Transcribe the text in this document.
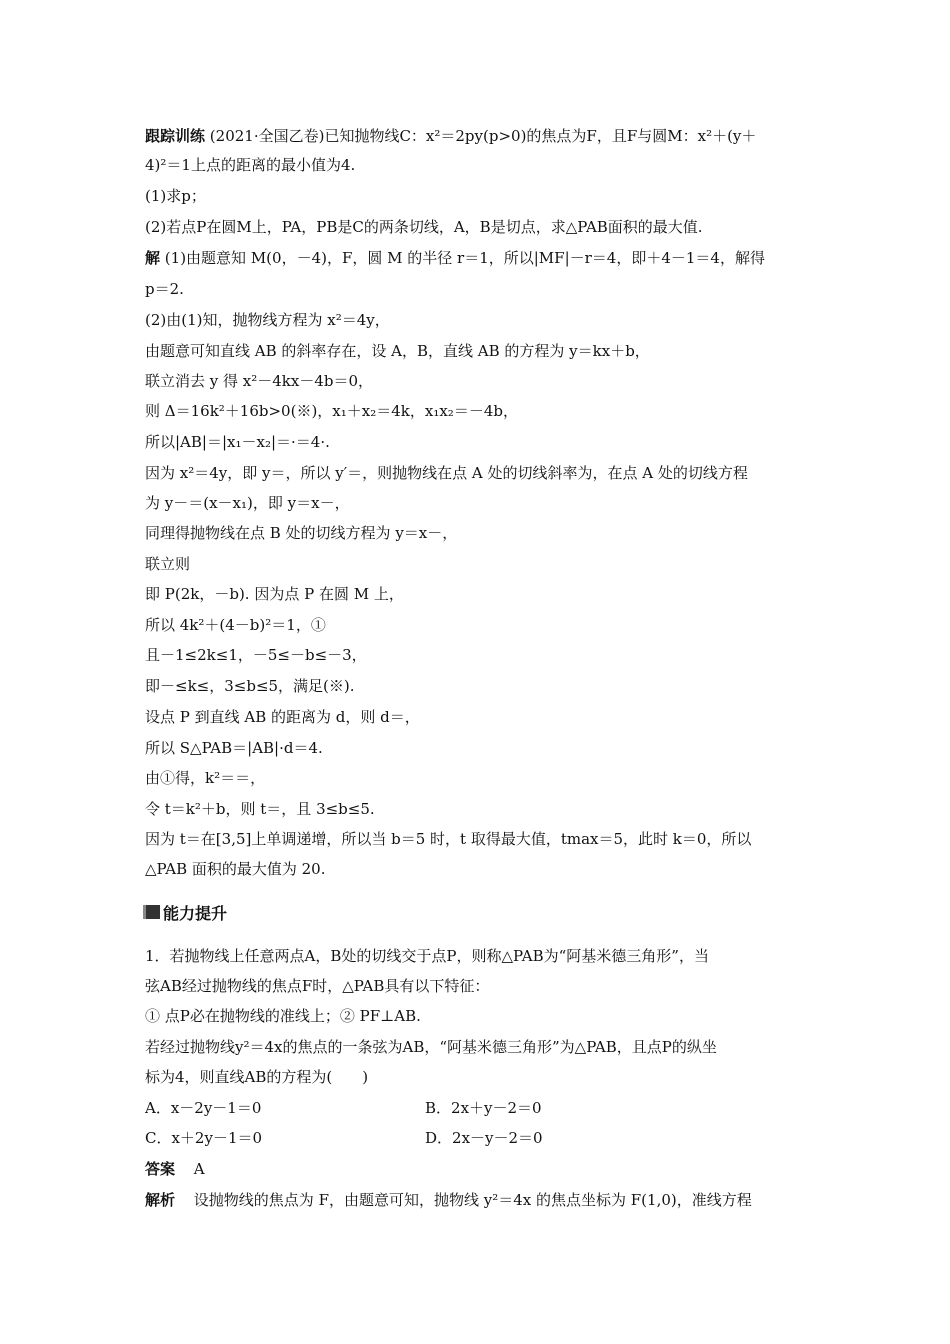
跟踪训练 (2021·全国乙卷)已知抛物线C：x²＝2py(p>0)的焦点为F，且F与圆M：x²＋(y＋
4)²＝1上点的距离的最小值为4.
(1)求p；
(2)若点P在圆M上，PA，PB是C的两条切线，A，B是切点，求△PAB面积的最大值.
解 (1)由题意知 M(0，－4)，F，圆 M 的半径 r＝1，所以|MF|－r＝4，即＋4－1＝4，解得
p＝2.
(2)由(1)知，抛物线方程为 x²＝4y，
由题意可知直线 AB 的斜率存在，设 A，B，直线 AB 的方程为 y＝kx＋b，
联立消去 y 得 x²－4kx－4b＝0，
则 Δ＝16k²＋16b>0(※)，x₁＋x₂＝4k，x₁x₂＝－4b，
所以|AB|＝|x₁－x₂|＝·＝4·.
因为 x²＝4y，即 y＝，所以 y′＝，则抛物线在点 A 处的切线斜率为，在点 A 处的切线方程
为 y－＝(x－x₁)，即 y＝x－，
同理得抛物线在点 B 处的切线方程为 y＝x－，
联立则
即 P(2k，－b). 因为点 P 在圆 M 上，
所以 4k²＋(4－b)²＝1，①
且－1≤2k≤1，－5≤－b≤－3，
即－≤k≤，3≤b≤5，满足(※).
设点 P 到直线 AB 的距离为 d，则 d＝，
所以 S△PAB＝|AB|·d＝4.
由①得，k²＝＝，
令 t＝k²＋b，则 t＝，且 3≤b≤5.
因为 t＝在[3,5]上单调递增，所以当 b＝5 时，t 取得最大值，tmax＝5，此时 k＝0，所以
△PAB 面积的最大值为 20.
能力提升
1．若抛物线上任意两点A，B处的切线交于点P，则称△PAB为“阿基米德三角形”，当
弦AB经过抛物线的焦点F时，△PAB具有以下特征：
① 点P必在抛物线的准线上；② PF⊥AB.
若经过抛物线y²＝4x的焦点的一条弦为AB，“阿基米德三角形”为△PAB，且点P的纵坐
标为4，则直线AB的方程为(　　)
A．x－2y－1＝0	B．2x＋y－2＝0
C．x＋2y－1＝0	D．2x－y－2＝0
答案 A
解析 设抛物线的焦点为 F，由题意可知，抛物线 y²＝4x 的焦点坐标为 F(1,0)，准线方程
